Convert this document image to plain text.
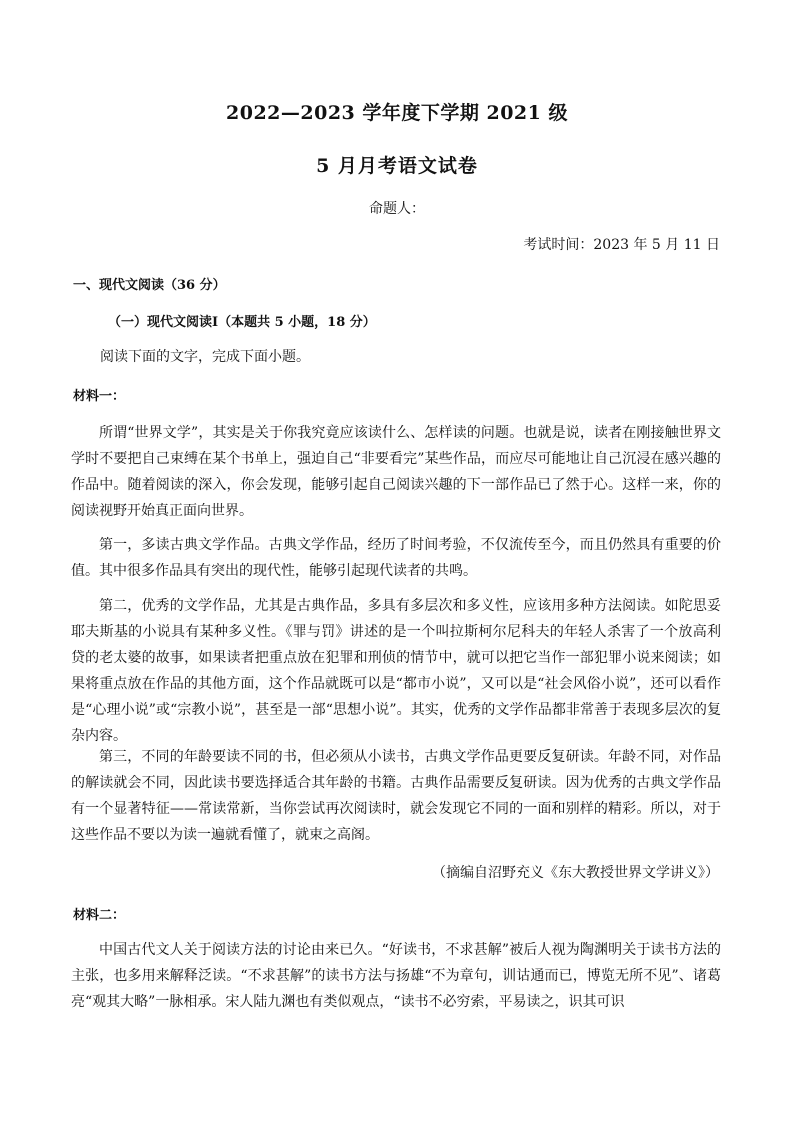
2022—2023 学年度下学期 2021 级
5 月月考语文试卷
命题人：
考试时间：2023 年 5 月 11 日
一、现代文阅读（36 分）
（一）现代文阅读Ⅰ（本题共 5 小题，18 分）
阅读下面的文字，完成下面小题。
材料一：

所谓“世界文学”，其实是关于你我究竟应该读什么、怎样读的问题。也就是说，读者在刚接触世界文学时不要把自己束缚在某个书单上，强迫自己“非要看完”某些作品，而应尽可能地让自己沉浸在感兴趣的作品中。随着阅读的深入，你会发现，能够引起自己阅读兴趣的下一部作品已了然于心。这样一来，你的阅读视野开始真正面向世界。

第一，多读古典文学作品。古典文学作品，经历了时间考验，不仅流传至今，而且仍然具有重要的价值。其中很多作品具有突出的现代性，能够引起现代读者的共鸣。

第二，优秀的文学作品，尤其是古典作品，多具有多层次和多义性，应该用多种方法阅读。如陀思妥耶夫斯基的小说具有某种多义性。《罪与罚》讲述的是一个叫拉斯柯尔尼科夫的年轻人杀害了一个放高利贷的老太婆的故事，如果读者把重点放在犯罪和刑侦的情节中，就可以把它当作一部犯罪小说来阅读；如果将重点放在作品的其他方面，这个作品就既可以是“都市小说”，又可以是“社会风俗小说”，还可以看作是“心理小说”或“宗教小说”，甚至是一部“思想小说”。其实，优秀的文学作品都非常善于表现多层次的复杂内容。

第三，不同的年龄要读不同的书，但必须从小读书，古典文学作品更要反复研读。年龄不同，对作品的解读就会不同，因此读书要选择适合其年龄的书籍。古典作品需要反复研读。因为优秀的古典文学作品有一个显著特征——常读常新，当你尝试再次阅读时，就会发现它不同的一面和别样的精彩。所以，对于这些作品不要以为读一遍就看懂了，就束之高阁。

（摘编自沼野充义《东大教授世界文学讲义》）
材料二：

中国古代文人关于阅读方法的讨论由来已久。“好读书，不求甚解”被后人视为陶渊明关于读书方法的主张，也多用来解释泛读。“不求甚解”的读书方法与扬雄“不为章句，训诂通而已，博览无所不见”、诸葛亮“观其大略”一脉相承。宋人陆九渊也有类似观点，“读书不必穷索，平易读之，识其可识
